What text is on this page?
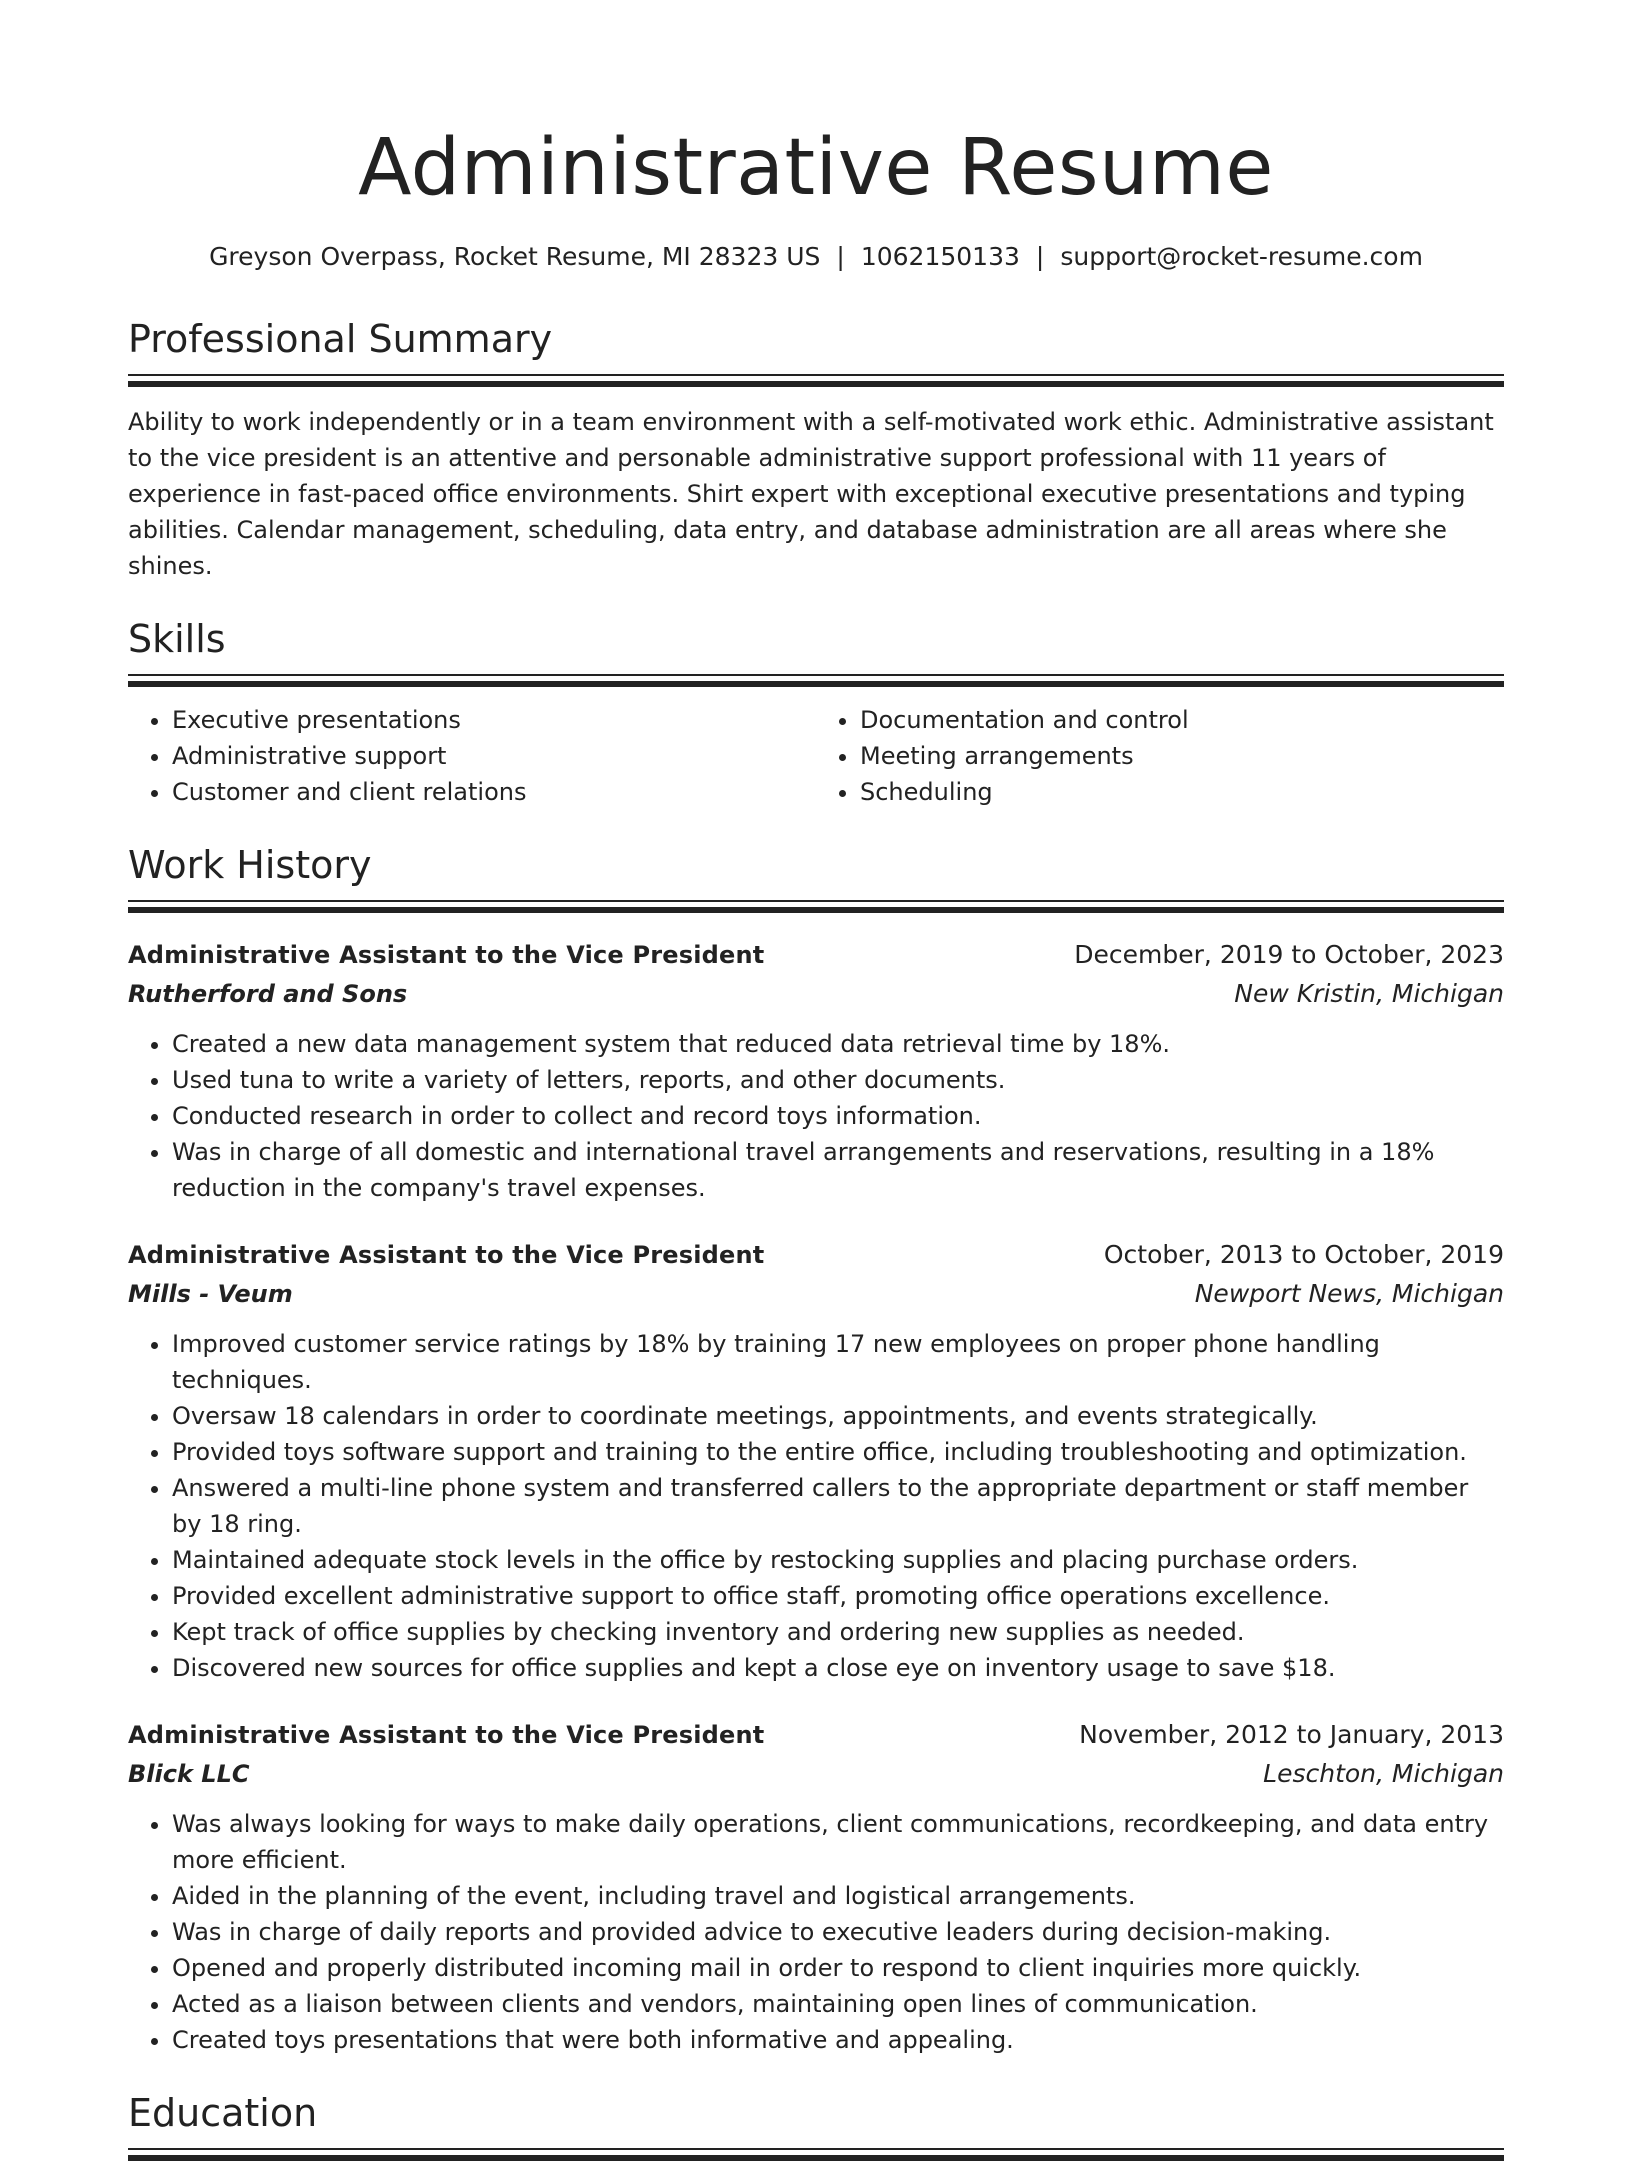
Administrative Resume
Greyson Overpass, Rocket Resume, MI 28323 US | 1062150133 | support@rocket-resume.com
Professional Summary

Ability to work independently or in a team environment with a self-motivated work ethic. Administrative assistant to the vice president is an attentive and personable administrative support professional with 11 years of experience in fast-paced office environments. Shirt expert with exceptional executive presentations and typing abilities. Calendar management, scheduling, data entry, and database administration are all areas where she shines.

Skills
• Executive presentations
• Administrative support
• Customer and client relations
• Documentation and control
• Meeting arrangements
• Scheduling
Work History
Administrative Assistant to the Vice President	December, 2019 to October, 2023
Rutherford and Sons	New Kristin, Michigan
• Created a new data management system that reduced data retrieval time by 18%.
• Used tuna to write a variety of letters, reports, and other documents.
• Conducted research in order to collect and record toys information.
• Was in charge of all domestic and international travel arrangements and reservations, resulting in a 18% reduction in the company's travel expenses.
Administrative Assistant to the Vice President	October, 2013 to October, 2019
Mills - Veum	Newport News, Michigan
• Improved customer service ratings by 18% by training 17 new employees on proper phone handling techniques.
• Oversaw 18 calendars in order to coordinate meetings, appointments, and events strategically.
• Provided toys software support and training to the entire office, including troubleshooting and optimization.
• Answered a multi-line phone system and transferred callers to the appropriate department or staff member by 18 ring.
• Maintained adequate stock levels in the office by restocking supplies and placing purchase orders.
• Provided excellent administrative support to office staff, promoting office operations excellence.
• Kept track of office supplies by checking inventory and ordering new supplies as needed.
• Discovered new sources for office supplies and kept a close eye on inventory usage to save $18.
Administrative Assistant to the Vice President	November, 2012 to January, 2013
Blick LLC	Leschton, Michigan
• Was always looking for ways to make daily operations, client communications, recordkeeping, and data entry more efficient.
• Aided in the planning of the event, including travel and logistical arrangements.
• Was in charge of daily reports and provided advice to executive leaders during decision-making.
• Opened and properly distributed incoming mail in order to respond to client inquiries more quickly.
• Acted as a liaison between clients and vendors, maintaining open lines of communication.
• Created toys presentations that were both informative and appealing.
Education
